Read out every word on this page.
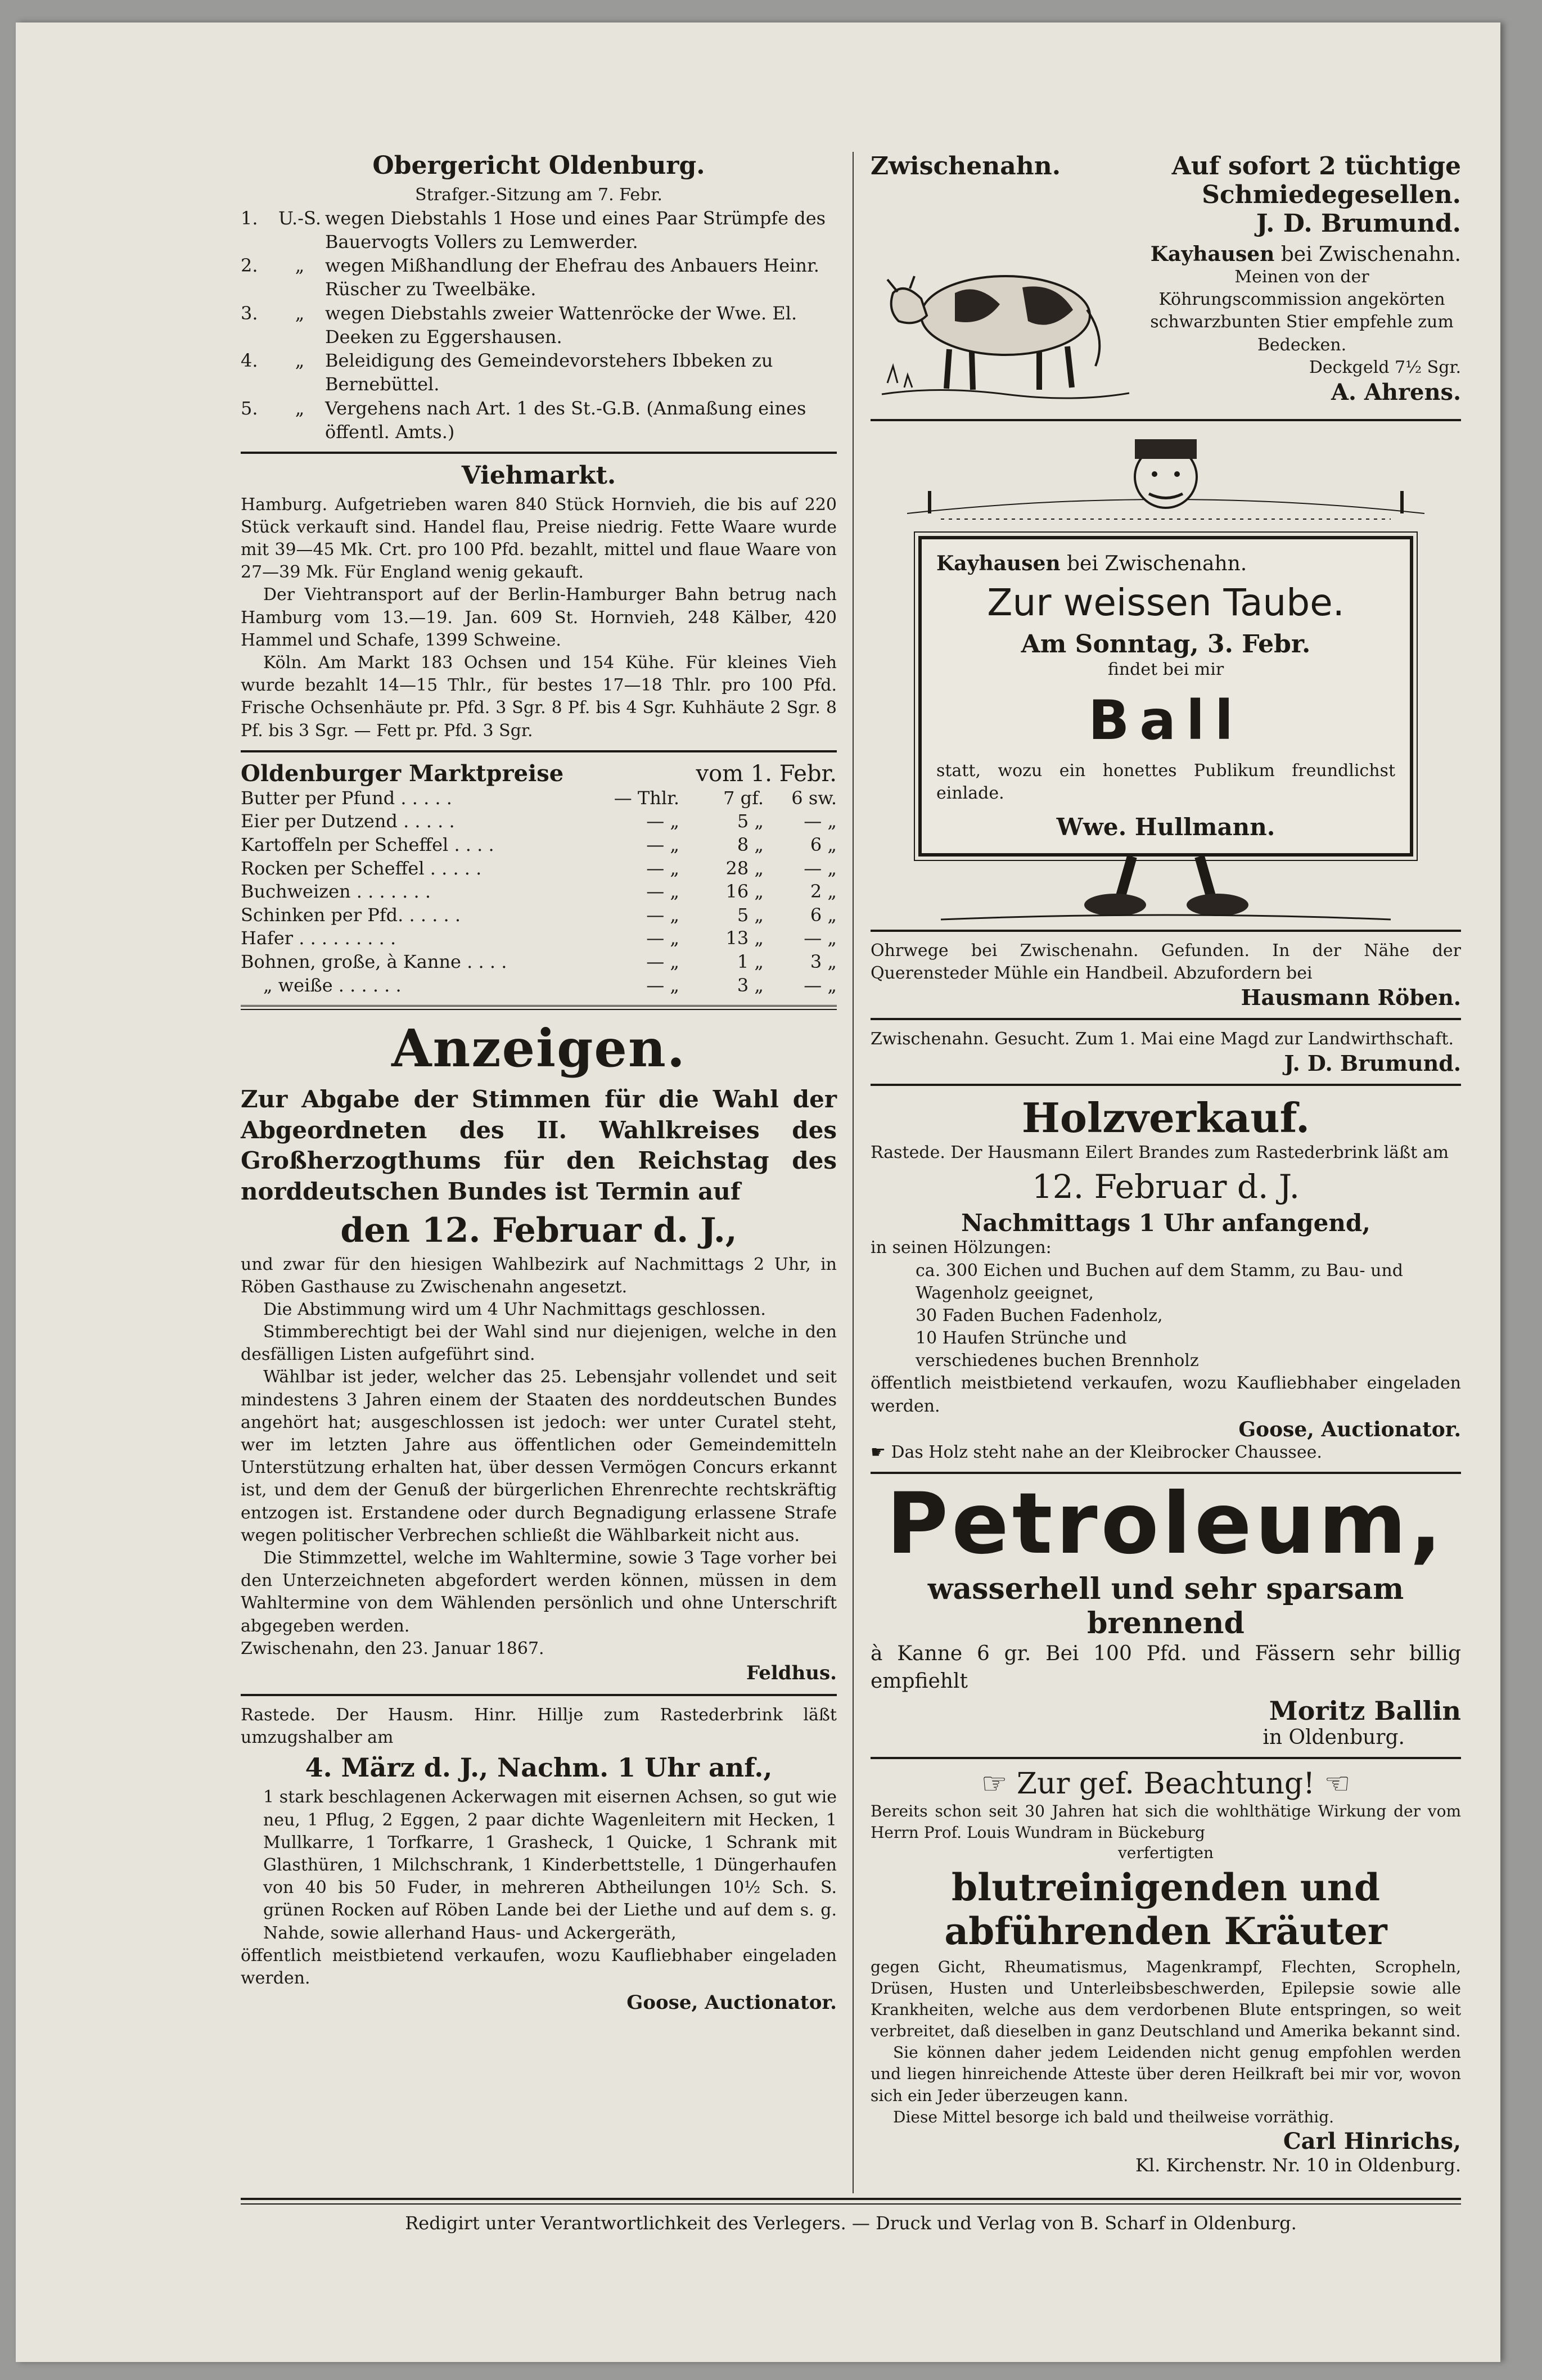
Obergericht Oldenburg.
Strafger.-Sitzung am 7. Febr.
1.	U.-S. wegen Diebstahls 1 Hose und eines Paar Strümpfe des Bauervogts Vollers zu Lemwerder.
2.	„	wegen Mißhandlung der Ehefrau des Anbauers Heinr. Rüscher zu Tweelbäke.
3.	„	wegen Diebstahls zweier Wattenröcke der Wwe. El. Deeken zu Eggershausen.
4.	„	Beleidigung des Gemeindevorstehers Ibbeken zu Bernebüttel.
5.	„	Vergehens nach Art. 1 des St.-G.B. (Anmaßung eines öffentl. Amts.)
Viehmarkt.

Hamburg. Aufgetrieben waren 840 Stück Hornvieh, die bis auf 220 Stück verkauft sind. Handel flau, Preise niedrig. Fette Waare wurde mit 39—45 Mk. Crt. pro 100 Pfd. bezahlt, mittel und flaue Waare von 27—39 Mk. Für England wenig gekauft.

Der Viehtransport auf der Berlin-Hamburger Bahn betrug nach Hamburg vom 13.—19. Jan. 609 St. Hornvieh, 248 Kälber, 420 Hammel und Schafe, 1399 Schweine.

Köln. Am Markt 183 Ochsen und 154 Kühe. Für kleines Vieh wurde bezahlt 14—15 Thlr., für bestes 17—18 Thlr. pro 100 Pfd. Frische Ochsenhäute pr. Pfd. 3 Sgr. 8 Pf. bis 4 Sgr. Kuhhäute 2 Sgr. 8 Pf. bis 3 Sgr. — Fett pr. Pfd. 3 Sgr.

Oldenburger Marktpreise	vom 1. Febr.
Butter per Pfund . . . . .	— Thlr.	7 gf.	6 sw.
Eier per Dutzend . . . . .	— „	5 „	— „
Kartoffeln per Scheffel . . . .	— „	8 „	6 „
Rocken per Scheffel . . . . .	— „	28 „	— „
Buchweizen . . . . . . .	— „	16 „	2 „
Schinken per Pfd. . . . . .	— „	5 „	6 „
Hafer . . . . . . . . .	— „	13 „	— „
Bohnen, große, à Kanne . . . .	— „	1 „	3 „
„ weiße . . . . . .	— „	3 „	— „
Anzeigen.

Zur Abgabe der Stimmen für die Wahl der Abgeordneten des II. Wahlkreises des Großherzogthums für den Reichstag des norddeutschen Bundes ist Termin auf

den 12. Februar d. J.,

und zwar für den hiesigen Wahlbezirk auf Nachmittags 2 Uhr, in Röben Gasthause zu Zwischenahn angesetzt.

Die Abstimmung wird um 4 Uhr Nachmittags geschlossen.

Stimmberechtigt bei der Wahl sind nur diejenigen, welche in den desfälligen Listen aufgeführt sind.

Wählbar ist jeder, welcher das 25. Lebensjahr vollendet und seit mindestens 3 Jahren einem der Staaten des norddeutschen Bundes angehört hat; ausgeschlossen ist jedoch: wer unter Curatel steht, wer im letzten Jahre aus öffentlichen oder Gemeindemitteln Unterstützung erhalten hat, über dessen Vermögen Concurs erkannt ist, und dem der Genuß der bürgerlichen Ehrenrechte rechtskräftig entzogen ist. Erstandene oder durch Begnadigung erlassene Strafe wegen politischer Verbrechen schließt die Wählbarkeit nicht aus.

Die Stimmzettel, welche im Wahltermine, sowie 3 Tage vorher bei den Unterzeichneten abgefordert werden können, müssen in dem Wahltermine von dem Wählenden persönlich und ohne Unterschrift abgegeben werden.

Zwischenahn, den 23. Januar 1867.

Feldhus.

Rastede. Der Hausm. Hinr. Hillje zum Rastederbrink läßt umzugshalber am

4. März d. J., Nachm. 1 Uhr anf.,

1 stark beschlagenen Ackerwagen mit eisernen Achsen, so gut wie neu, 1 Pflug, 2 Eggen, 2 paar dichte Wagenleitern mit Hecken, 1 Mullkarre, 1 Torfkarre, 1 Grasheck, 1 Quicke, 1 Schrank mit Glasthüren, 1 Milchschrank, 1 Kinderbettstelle, 1 Düngerhaufen von 40 bis 50 Fuder, in mehreren Abtheilungen 10½ Sch. S. grünen Rocken auf Röben Lande bei der Liethe und auf dem s. g. Nahde, sowie allerhand Haus- und Ackergeräth,

öffentlich meistbietend verkaufen, wozu Kaufliebhaber eingeladen werden.

Goose, Auctionator.
Zwischenahn.	Auf sofort 2 tüchtige Schmiedegesellen.
J. D. Brumund.
Kayhausen bei Zwischenahn.

Meinen von der Köhrungscommission angekörten schwarzbunten Stier empfehle zum Bedecken.

Deckgeld 7½ Sgr.
A. Ahrens.
Kayhausen bei Zwischenahn.
Zur weissen Taube.
Am Sonntag, 3. Febr.
findet bei mir
Ball

statt, wozu ein honettes Publikum freundlichst einlade.

Wwe. Hullmann.

Ohrwege bei Zwischenahn. Gefunden. In der Nähe der Querensteder Mühle ein Handbeil. Abzufordern bei

Hausmann Röben.

Zwischenahn. Gesucht. Zum 1. Mai eine Magd zur Landwirthschaft.

J. D. Brumund.
Holzverkauf.

Rastede. Der Hausmann Eilert Brandes zum Rastederbrink läßt am

12. Februar d. J.
Nachmittags 1 Uhr anfangend,
in seinen Hölzungen:
ca. 300 Eichen und Buchen auf dem Stamm, zu Bau- und Wagenholz geeignet,
30 Faden Buchen Fadenholz,
10 Haufen Strünche und
verschiedenes buchen Brennholz

öffentlich meistbietend verkaufen, wozu Kaufliebhaber eingeladen werden.

Goose, Auctionator.
☛ Das Holz steht nahe an der Kleibrocker Chaussee.
Petroleum,
wasserhell und sehr sparsam brennend

à Kanne 6 gr. Bei 100 Pfd. und Fässern sehr billig empfiehlt

Moritz Ballin
in Oldenburg.
☞ Zur gef. Beachtung! ☜

Bereits schon seit 30 Jahren hat sich die wohlthätige Wirkung der vom Herrn Prof. Louis Wundram in Bückeburg

verfertigten
blutreinigenden und abführenden Kräuter

gegen Gicht, Rheumatismus, Magenkrampf, Flechten, Scropheln, Drüsen, Husten und Unterleibsbeschwerden, Epilepsie sowie alle Krankheiten, welche aus dem verdorbenen Blute entspringen, so weit verbreitet, daß dieselben in ganz Deutschland und Amerika bekannt sind.

Sie können daher jedem Leidenden nicht genug empfohlen werden und liegen hinreichende Atteste über deren Heilkraft bei mir vor, wovon sich ein Jeder überzeugen kann.

Diese Mittel besorge ich bald und theilweise vorräthig.

Carl Hinrichs,
Kl. Kirchenstr. Nr. 10 in Oldenburg.
Redigirt unter Verantwortlichkeit des Verlegers. — Druck und Verlag von B. Scharf in Oldenburg.
